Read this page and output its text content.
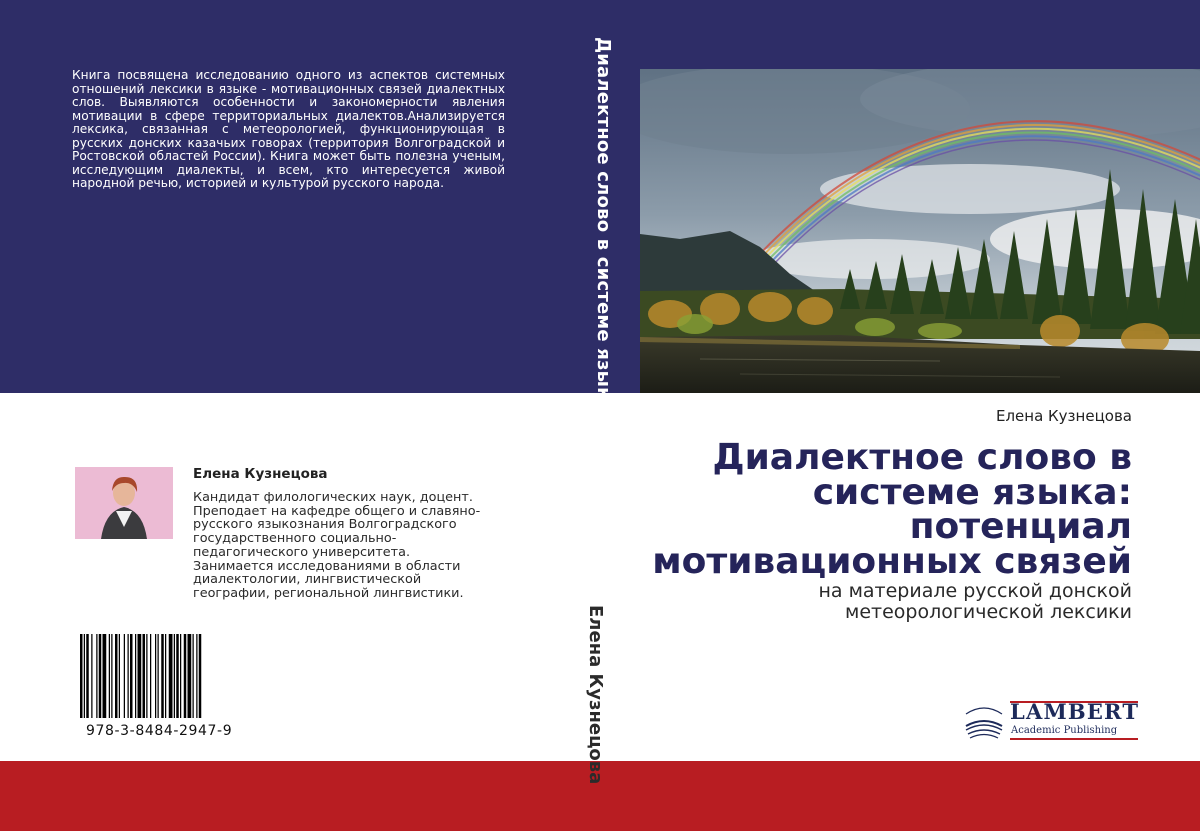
Книга посвящена исследованию одного из аспектов системных отношений лексики в языке - мотивационных связей диалектных слов. Выявляются особенности и закономерности явления мотивации в сфере территориальных диалектов.Анализируется лексика, связанная с метеорологией, функционирующая в русских донских казачьих говорах (территория Волгоградской и Ростовской областей России). Книга может быть полезна ученым, исследующим диалекты, и всем, кто интересуется живой народной речью, историей и культурой русского народа.	Диалектное слово в системе языка

Елена Кузнецова

Елена Кузнецова

Диалектное слово в системе языка: потенциал мотивационных связей

на материале русской донской метеорологической лексики

Елена Кузнецова

Кандидат филологических наук, доцент. Преподает на кафедре общего и славяно-русского языкознания Волгоградского государственного социально-педагогического университета. Занимается исследованиями в области диалектологии, лингвистической географии, региональной лингвистики.

978-3-8484-2947-9

LAMBERT

Academic Publishing
